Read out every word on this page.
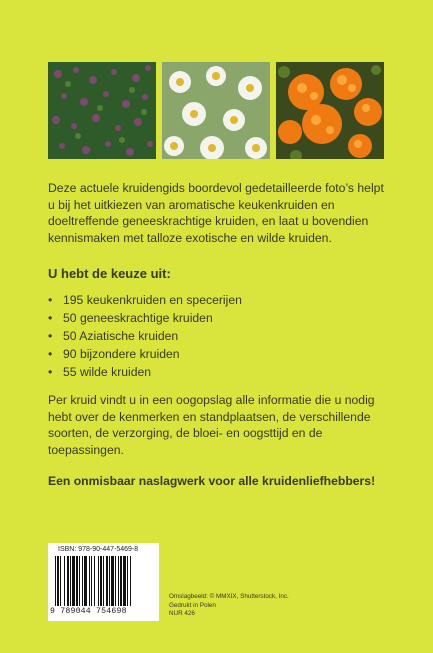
Deze actuele kruidengids boordevol gedetailleerde foto’s helpt u bij het uitkiezen van aromatische keukenkruiden en doeltreffende geneeskrachtige kruiden, en laat u bovendien kennismaken met talloze exotische en wilde kruiden.
U hebt de keuze uit:
• 195 keukenkruiden en specerijen
• 50 geneeskrachtige kruiden
• 50 Aziatische kruiden
• 90 bijzondere kruiden
• 55 wilde kruiden
Per kruid vindt u in een oogopslag alle informatie die u nodig hebt over de kenmerken en standplaatsen, de verschillende soorten, de verzorging, de bloei- en oogsttijd en de toepassingen.
Een onmisbaar naslagwerk voor alle kruidenliefhebbers!
ISBN: 978-90-447-5469-8
9 789044 754698
Omslagbeeld: © MMXIX, Shutterstock, Inc.
Gedrukt in Polen
NUR 426
